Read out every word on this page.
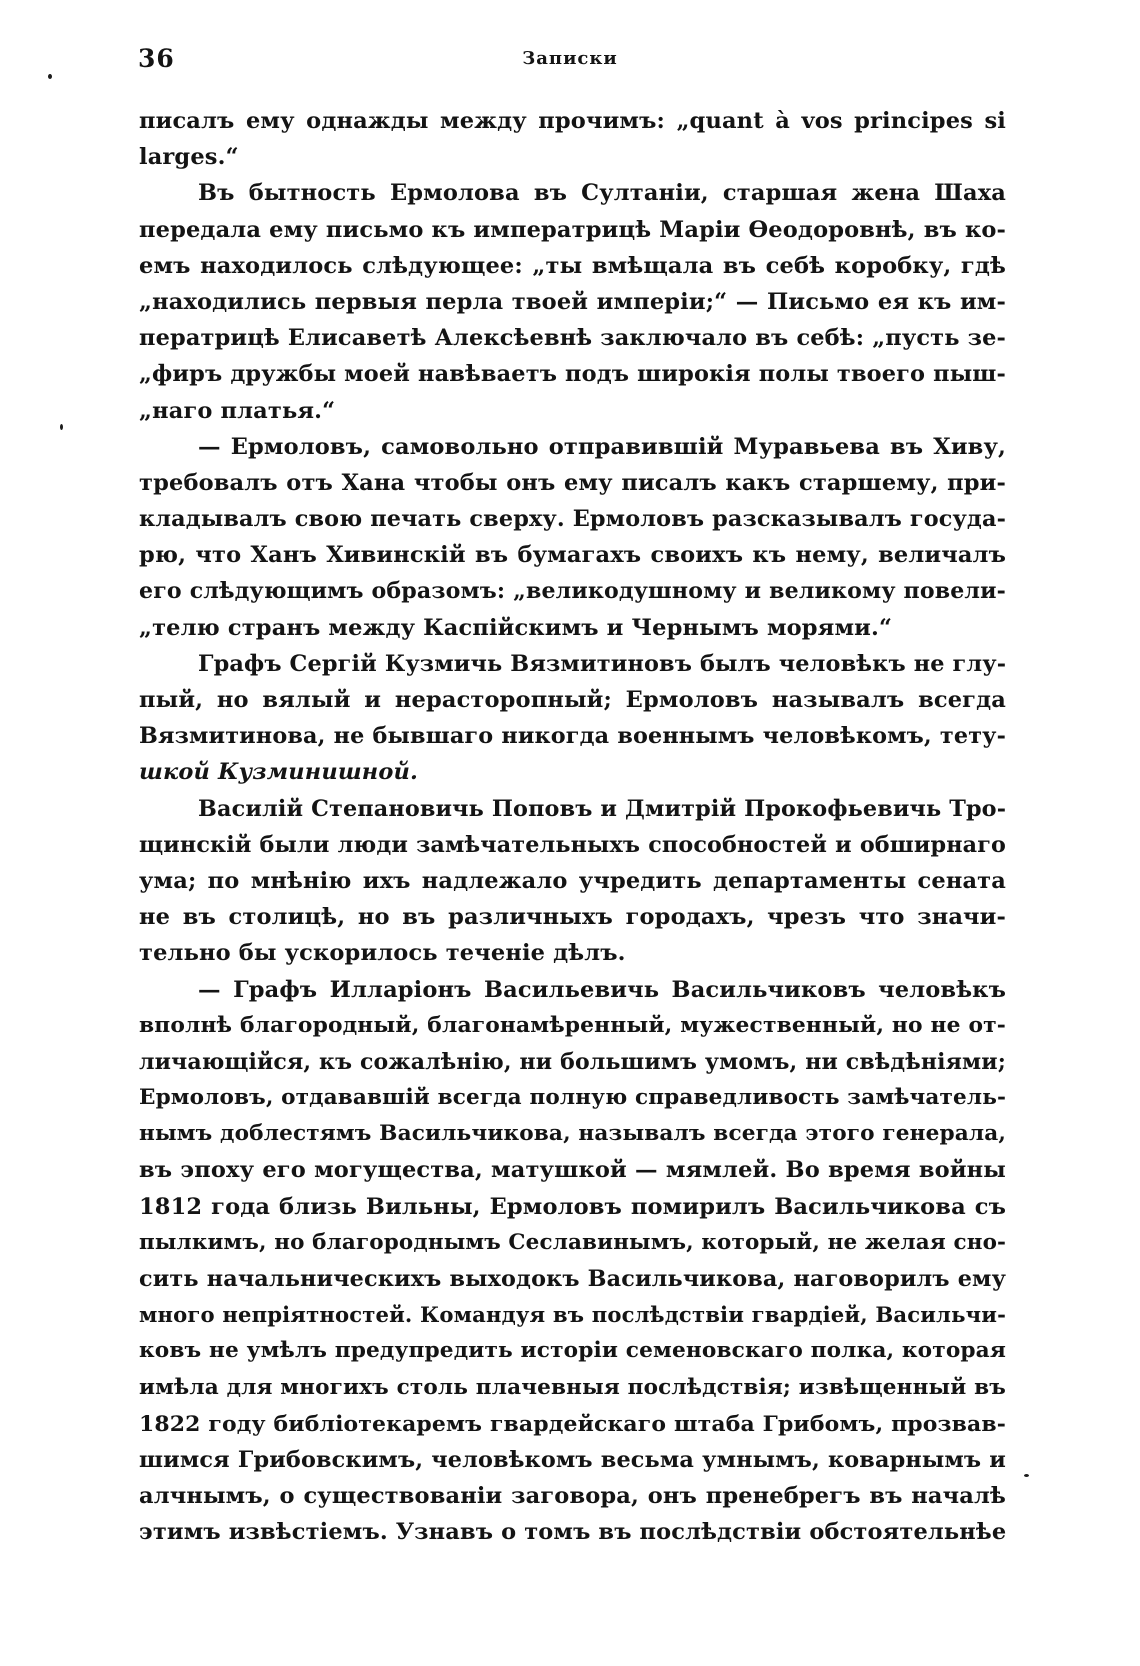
36	Записки
писалъ ему однажды между прочимъ: „quant à vos principes si
larges.“
Въ бытность Ермолова въ Султаніи, старшая жена Шаха
передала ему письмо къ императрицѣ Маріи Ѳеодоровнѣ, въ ко-
емъ находилось слѣдующее: „ты вмѣщала въ себѣ коробку, гдѣ
„находились первыя перла твоей имперіи;“ — Письмо ея къ им-
ператрицѣ Елисаветѣ Алексѣевнѣ заключало въ себѣ: „пусть зе-
„фиръ дружбы моей навѣваетъ подъ широкія полы твоего пыш-
„наго платья.“
— Ермоловъ, самовольно отправившій Муравьева въ Хиву,
требовалъ отъ Хана чтобы онъ ему писалъ какъ старшему, при-
кладывалъ свою печать сверху. Ермоловъ разсказывалъ госуда-
рю, что Ханъ Хивинскій въ бумагахъ своихъ къ нему, величалъ
его слѣдующимъ образомъ: „великодушному и великому повели-
„телю странъ между Каспійскимъ и Чернымъ морями.“
Графъ Сергій Кузмичь Вязмитиновъ былъ человѣкъ не глу-
пый, но вялый и нерасторопный; Ермоловъ называлъ всегда
Вязмитинова, не бывшаго никогда военнымъ человѣкомъ, тету-
шкой Кузминишной.
Василій Степановичь Поповъ и Дмитрій Прокофьевичь Тро-
щинскій были люди замѣчательныхъ способностей и обширнаго
ума; по мнѣнію ихъ надлежало учредить департаменты сената
не въ столицѣ, но въ различныхъ городахъ, чрезъ что значи-
тельно бы ускорилось теченіе дѣлъ.
— Графъ Илларіонъ Васильевичь Васильчиковъ человѣкъ
вполнѣ благородный, благонамѣренный, мужественный, но не от-
личающійся, къ сожалѣнію, ни большимъ умомъ, ни свѣдѣніями;
Ермоловъ, отдававшій всегда полную справедливость замѣчатель-
нымъ доблестямъ Васильчикова, называлъ всегда этого генерала,
въ эпоху его могущества, матушкой — мямлей. Во время войны
1812 года близь Вильны, Ермоловъ помирилъ Васильчикова съ
пылкимъ, но благороднымъ Сеславинымъ, который, не желая сно-
сить начальническихъ выходокъ Васильчикова, наговорилъ ему
много непріятностей. Командуя въ послѣдствіи гвардіей, Васильчи-
ковъ не умѣлъ предупредить исторіи семеновскаго полка, которая
имѣла для многихъ столь плачевныя послѣдствія; извѣщенный въ
1822 году библіотекаремъ гвардейскаго штаба Грибомъ, прозвав-
шимся Грибовскимъ, человѣкомъ весьма умнымъ, коварнымъ и
алчнымъ, о существованіи заговора, онъ пренебрегъ въ началѣ
этимъ извѣстіемъ. Узнавъ о томъ въ послѣдствіи обстоятельнѣе
